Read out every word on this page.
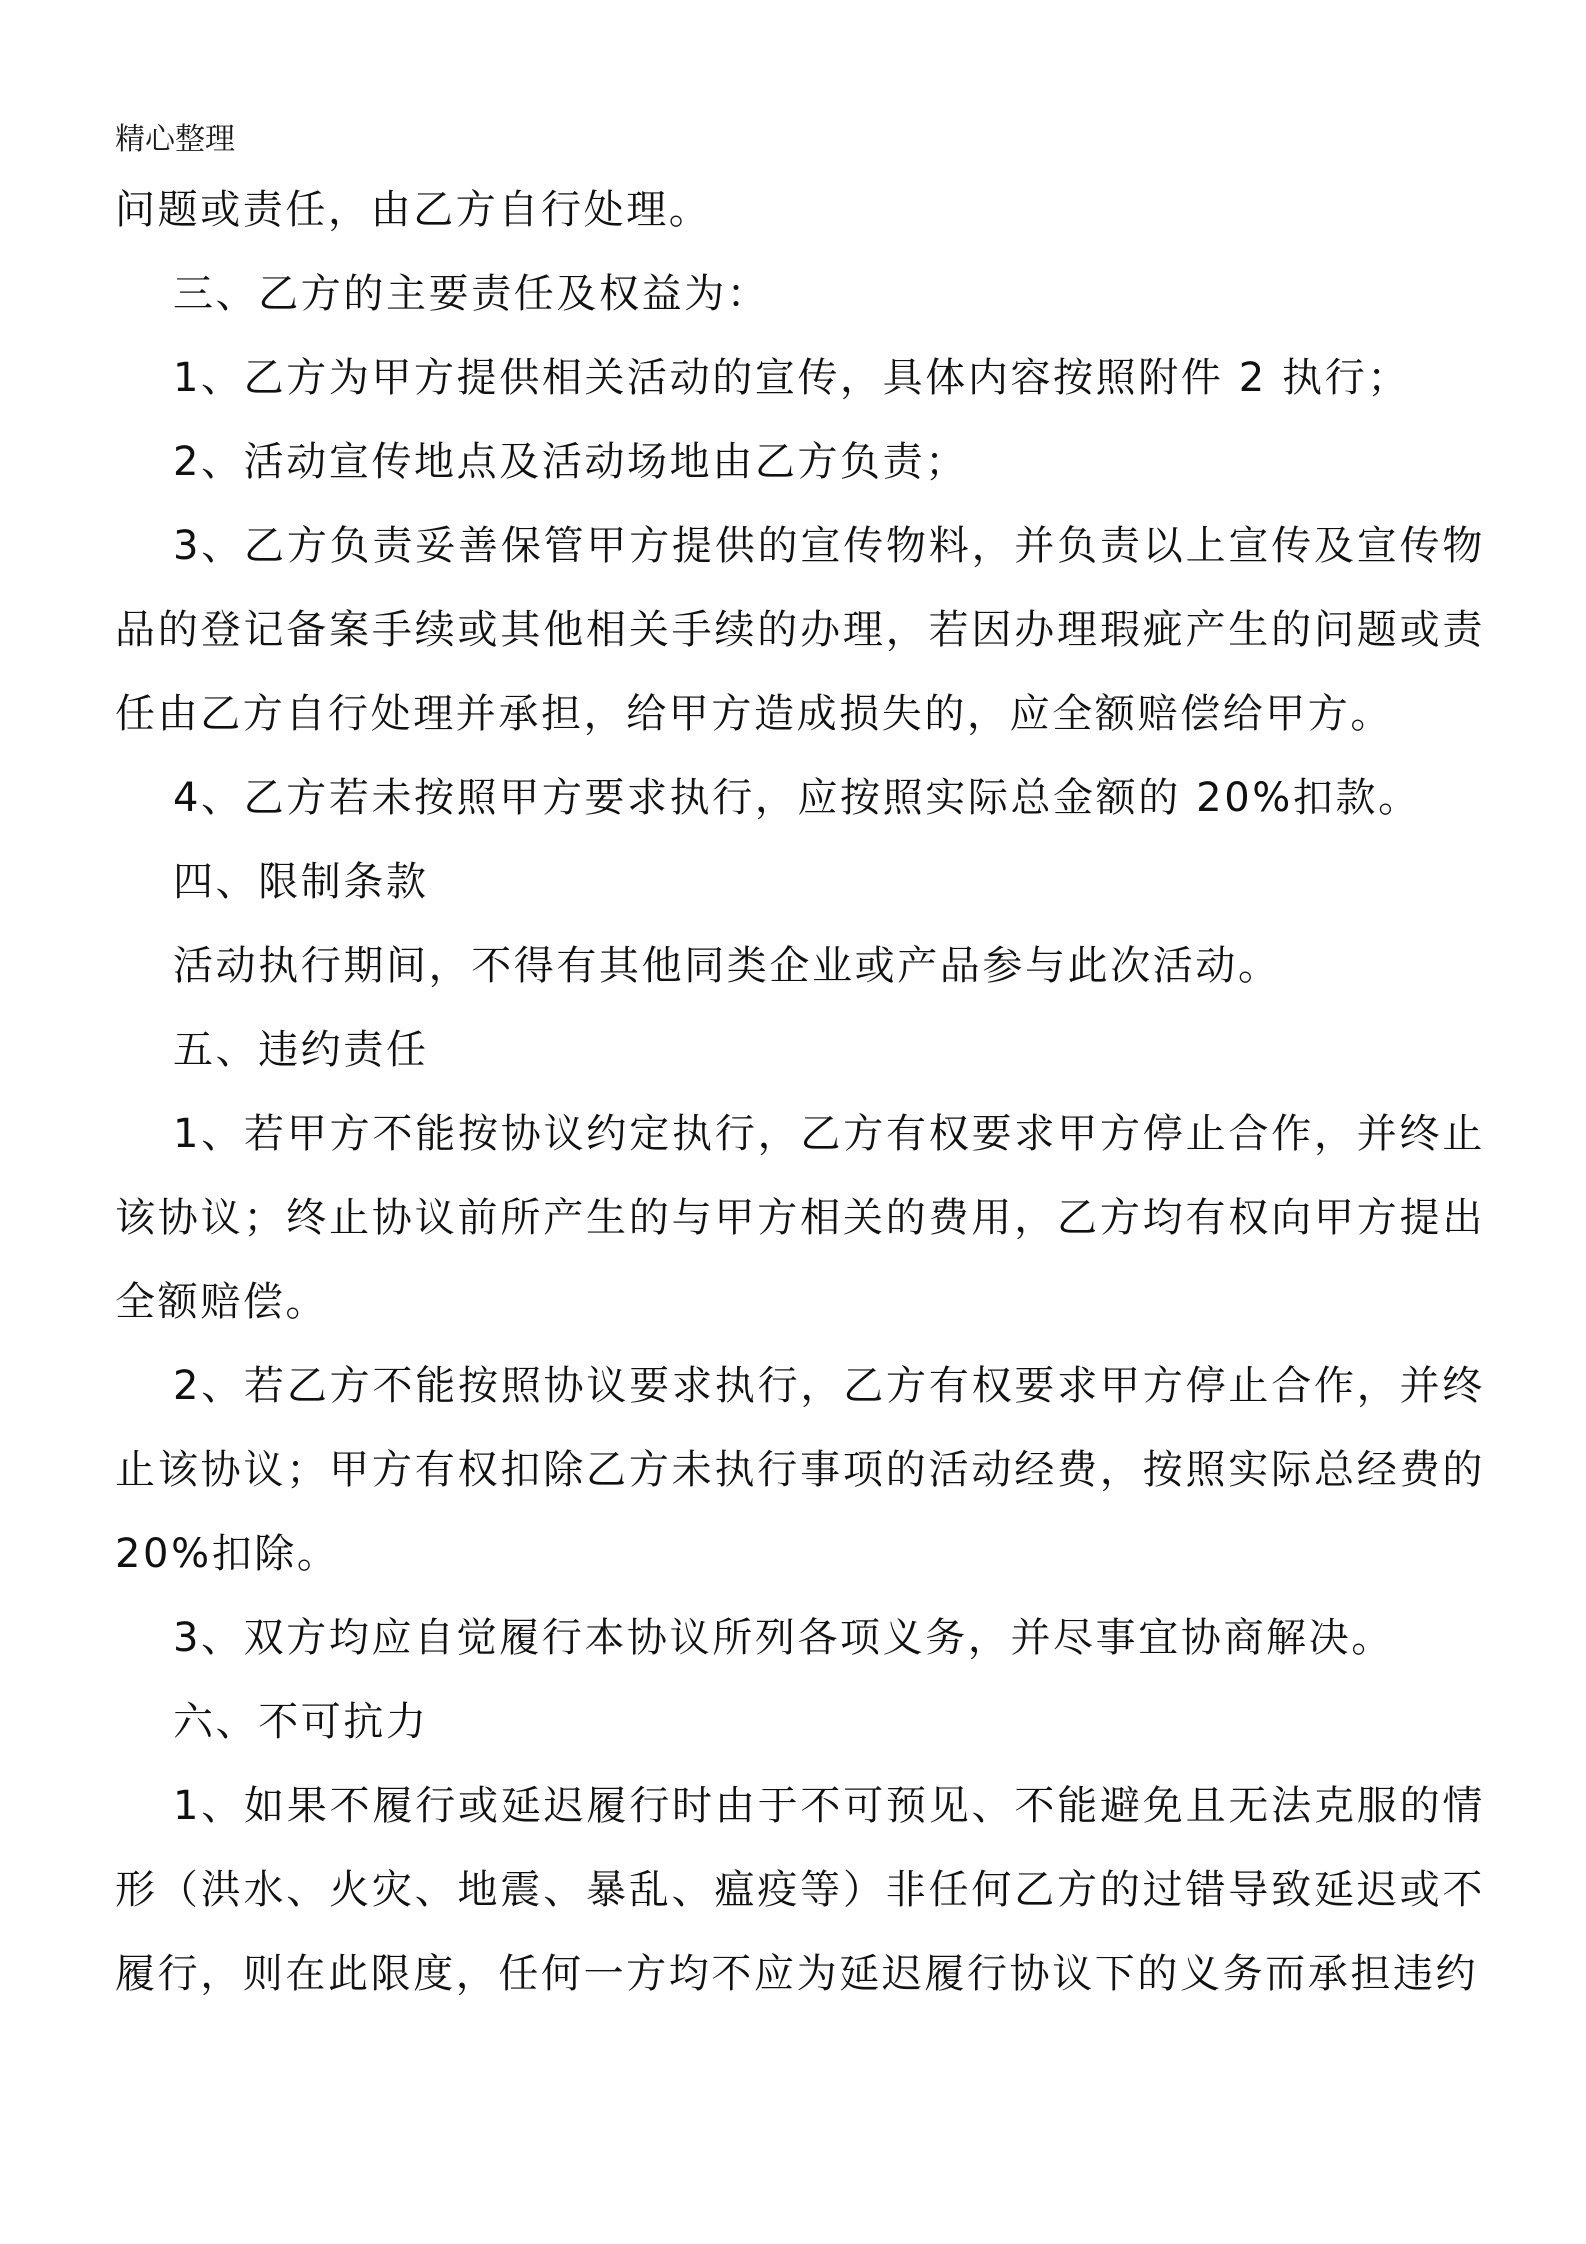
精心整理

问题或责任，由乙方自行处理。

三、乙方的主要责任及权益为：

1、乙方为甲方提供相关活动的宣传，具体内容按照附件 2 执行；

2、活动宣传地点及活动场地由乙方负责；

3、乙方负责妥善保管甲方提供的宣传物料，并负责以上宣传及宣传物品的登记备案手续或其他相关手续的办理，若因办理瑕疵产生的问题或责任由乙方自行处理并承担，给甲方造成损失的，应全额赔偿给甲方。

4、乙方若未按照甲方要求执行，应按照实际总金额的 20%扣款。

四、限制条款

活动执行期间，不得有其他同类企业或产品参与此次活动。

五、违约责任

1、若甲方不能按协议约定执行，乙方有权要求甲方停止合作，并终止该协议；终止协议前所产生的与甲方相关的费用，乙方均有权向甲方提出全额赔偿。

2、若乙方不能按照协议要求执行，乙方有权要求甲方停止合作，并终止该协议；甲方有权扣除乙方未执行事项的活动经费，按照实际总经费的20%扣除。

3、双方均应自觉履行本协议所列各项义务，并尽事宜协商解决。

六、不可抗力

1、如果不履行或延迟履行时由于不可预见、不能避免且无法克服的情形（洪水、火灾、地震、暴乱、瘟疫等）非任何乙方的过错导致延迟或不履行，则在此限度，任何一方均不应为延迟履行协议下的义务而承担违约
